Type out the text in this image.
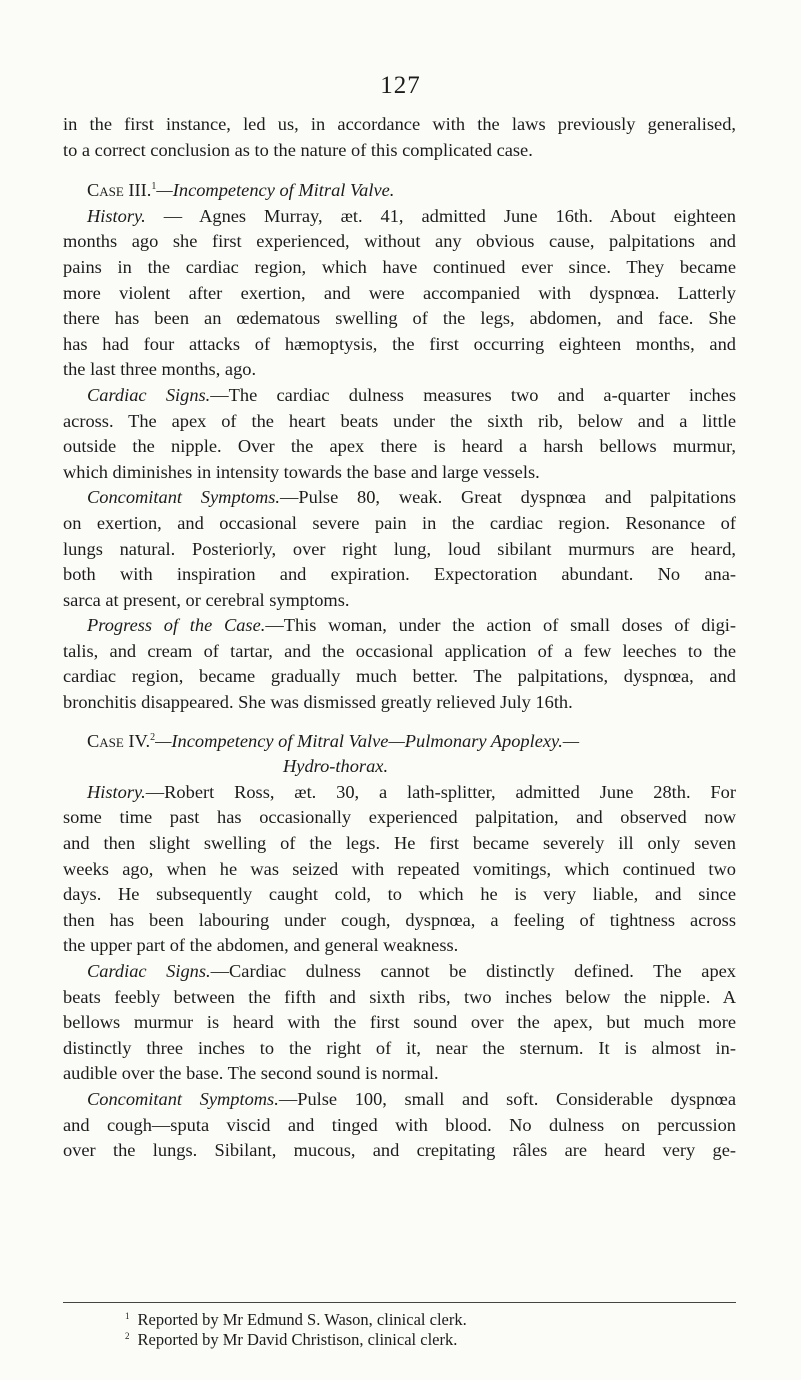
127
in the first instance, led us, in accordance with the laws previously generalised,
to a correct conclusion as to the nature of this complicated case.
Case III.$^1$—Incompetency of Mitral Valve.
History. — Agnes Murray, æt. 41, admitted June 16th. About eighteen
months ago she first experienced, without any obvious cause, palpitations and
pains in the cardiac region, which have continued ever since. They became
more violent after exertion, and were accompanied with dyspnœa. Latterly
there has been an œdematous swelling of the legs, abdomen, and face. She
has had four attacks of hæmoptysis, the first occurring eighteen months, and
the last three months, ago.
Cardiac Signs.—The cardiac dulness measures two and a-quarter inches
across. The apex of the heart beats under the sixth rib, below and a little
outside the nipple. Over the apex there is heard a harsh bellows murmur,
which diminishes in intensity towards the base and large vessels.
Concomitant Symptoms.—Pulse 80, weak. Great dyspnœa and palpitations
on exertion, and occasional severe pain in the cardiac region. Resonance of
lungs natural. Posteriorly, over right lung, loud sibilant murmurs are heard,
both with inspiration and expiration. Expectoration abundant. No ana-
sarca at present, or cerebral symptoms.
Progress of the Case.—This woman, under the action of small doses of digi-
talis, and cream of tartar, and the occasional application of a few leeches to the
cardiac region, became gradually much better. The palpitations, dyspnœa, and
bronchitis disappeared. She was dismissed greatly relieved July 16th.
Case IV.$^2$—Incompetency of Mitral Valve—Pulmonary Apoplexy.—
Hydro-thorax.
History.—Robert Ross, æt. 30, a lath-splitter, admitted June 28th. For
some time past has occasionally experienced palpitation, and observed now
and then slight swelling of the legs. He first became severely ill only seven
weeks ago, when he was seized with repeated vomitings, which continued two
days. He subsequently caught cold, to which he is very liable, and since
then has been labouring under cough, dyspnœa, a feeling of tightness across
the upper part of the abdomen, and general weakness.
Cardiac Signs.—Cardiac dulness cannot be distinctly defined. The apex
beats feebly between the fifth and sixth ribs, two inches below the nipple. A
bellows murmur is heard with the first sound over the apex, but much more
distinctly three inches to the right of it, near the sternum. It is almost in-
audible over the base. The second sound is normal.
Concomitant Symptoms.—Pulse 100, small and soft. Considerable dyspnœa
and cough—sputa viscid and tinged with blood. No dulness on percussion
over the lungs. Sibilant, mucous, and crepitating râles are heard very ge-
$^1$ Reported by Mr Edmund S. Wason, clinical clerk.
$^2$ Reported by Mr David Christison, clinical clerk.
